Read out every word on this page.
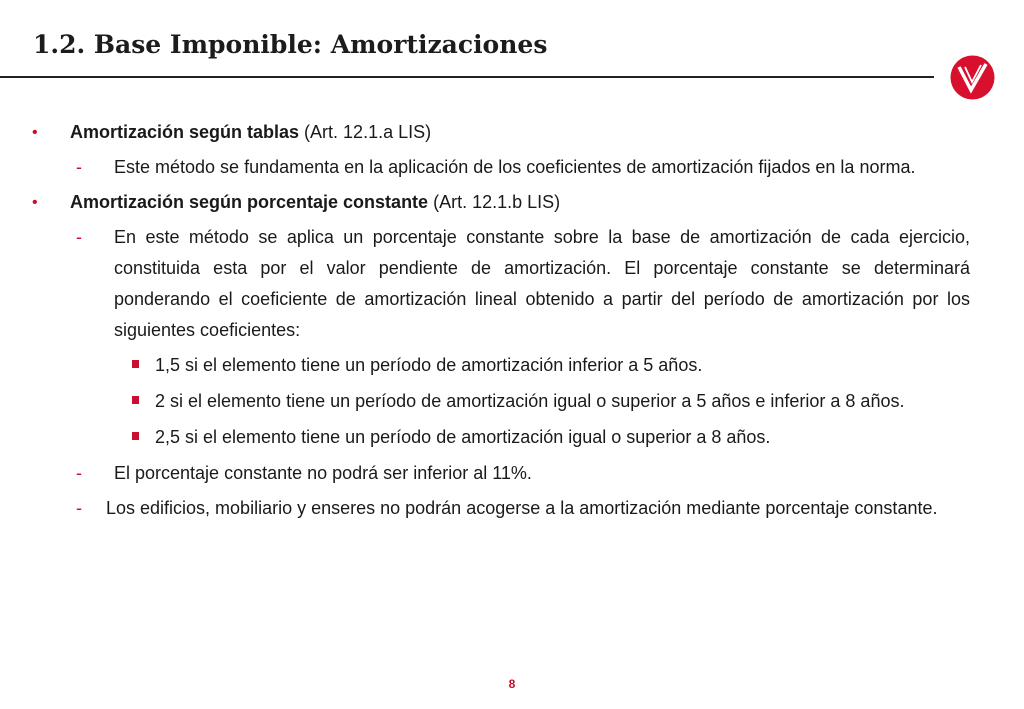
1.2. Base Imponible: Amortizaciones
• Amortización según tablas (Art. 12.1.a LIS)
- Este método se fundamenta en la aplicación de los coeficientes de amortización fijados en la norma.
• Amortización según porcentaje constante (Art. 12.1.b LIS)
- En este método se aplica un porcentaje constante sobre la base de amortización de cada ejercicio, constituida esta por el valor pendiente de amortización. El porcentaje constante se determinará ponderando el coeficiente de amortización lineal obtenido a partir del período de amortización por los siguientes coeficientes:
1,5 si el elemento tiene un período de amortización inferior a 5 años.
2 si el elemento tiene un período de amortización igual o superior a 5 años e inferior a 8 años.
2,5 si el elemento tiene un período de amortización igual o superior a 8 años.
- El porcentaje constante no podrá ser inferior al 11%.
- Los edificios, mobiliario y enseres no podrán acogerse a la amortización mediante porcentaje constante.
8
